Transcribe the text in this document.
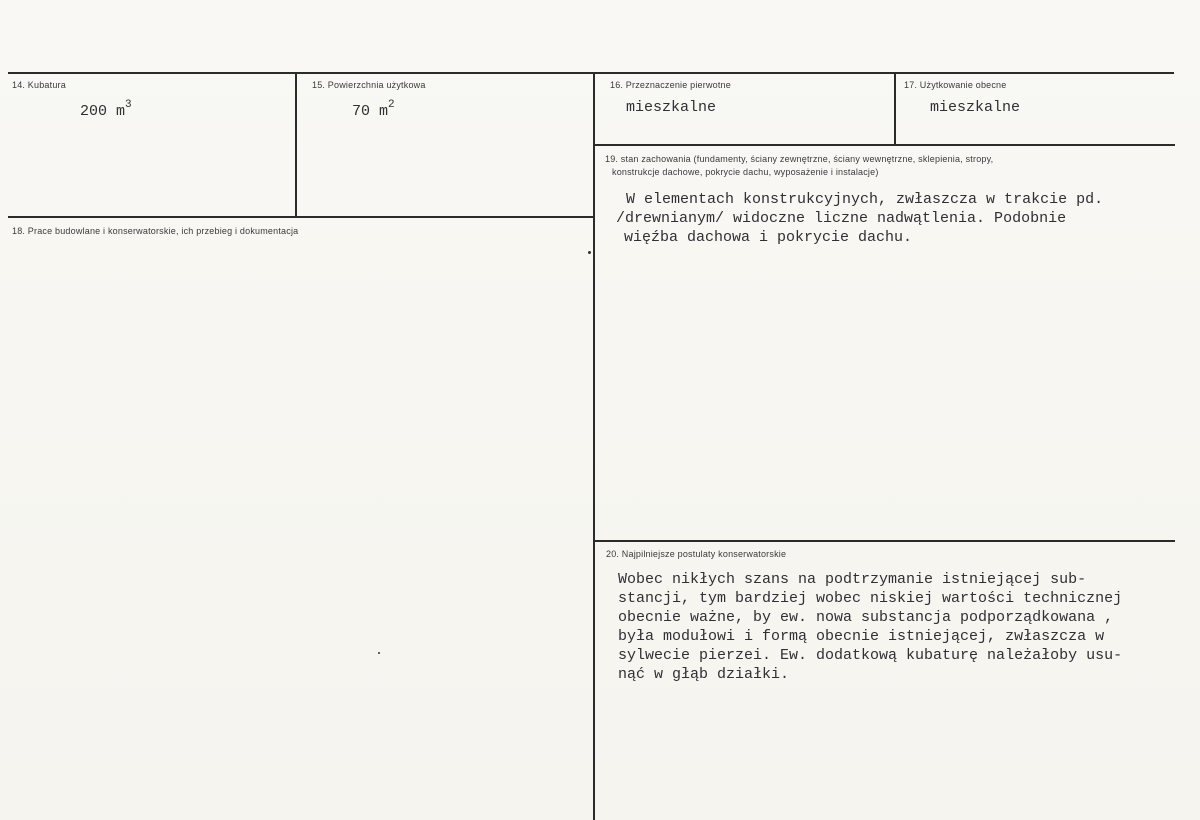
14. Kubatura
200 $m^3$
15. Powierzchnia użytkowa
70 $m^2$
16. Przeznaczenie pierwotne
mieszkalne
17. Użytkowanie obecne
mieszkalne
18. Prace budowlane i konserwatorskie, ich przebieg i dokumentacja
19. stan zachowania (fundamenty, ściany zewnętrzne, ściany wewnętrzne, sklepienia, stropy,
konstrukcje dachowe, pokrycie dachu, wyposażenie i instalacje)
W elementach konstrukcyjnych, zwłaszcza w trakcie pd.
/drewnianym/ widoczne liczne nadwątlenia. Podobnie
więźba dachowa i pokrycie dachu.
20. Najpilniejsze postulaty konserwatorskie
Wobec nikłych szans na podtrzymanie istniejącej sub-
stancji, tym bardziej wobec niskiej wartości technicznej
obecnie ważne, by ew. nowa substancja podporządkowana ,
była modułowi i formą obecnie istniejącej, zwłaszcza w
sylwecie pierzei. Ew. dodatkową kubaturę należałoby usu-
nąć w głąb działki.
